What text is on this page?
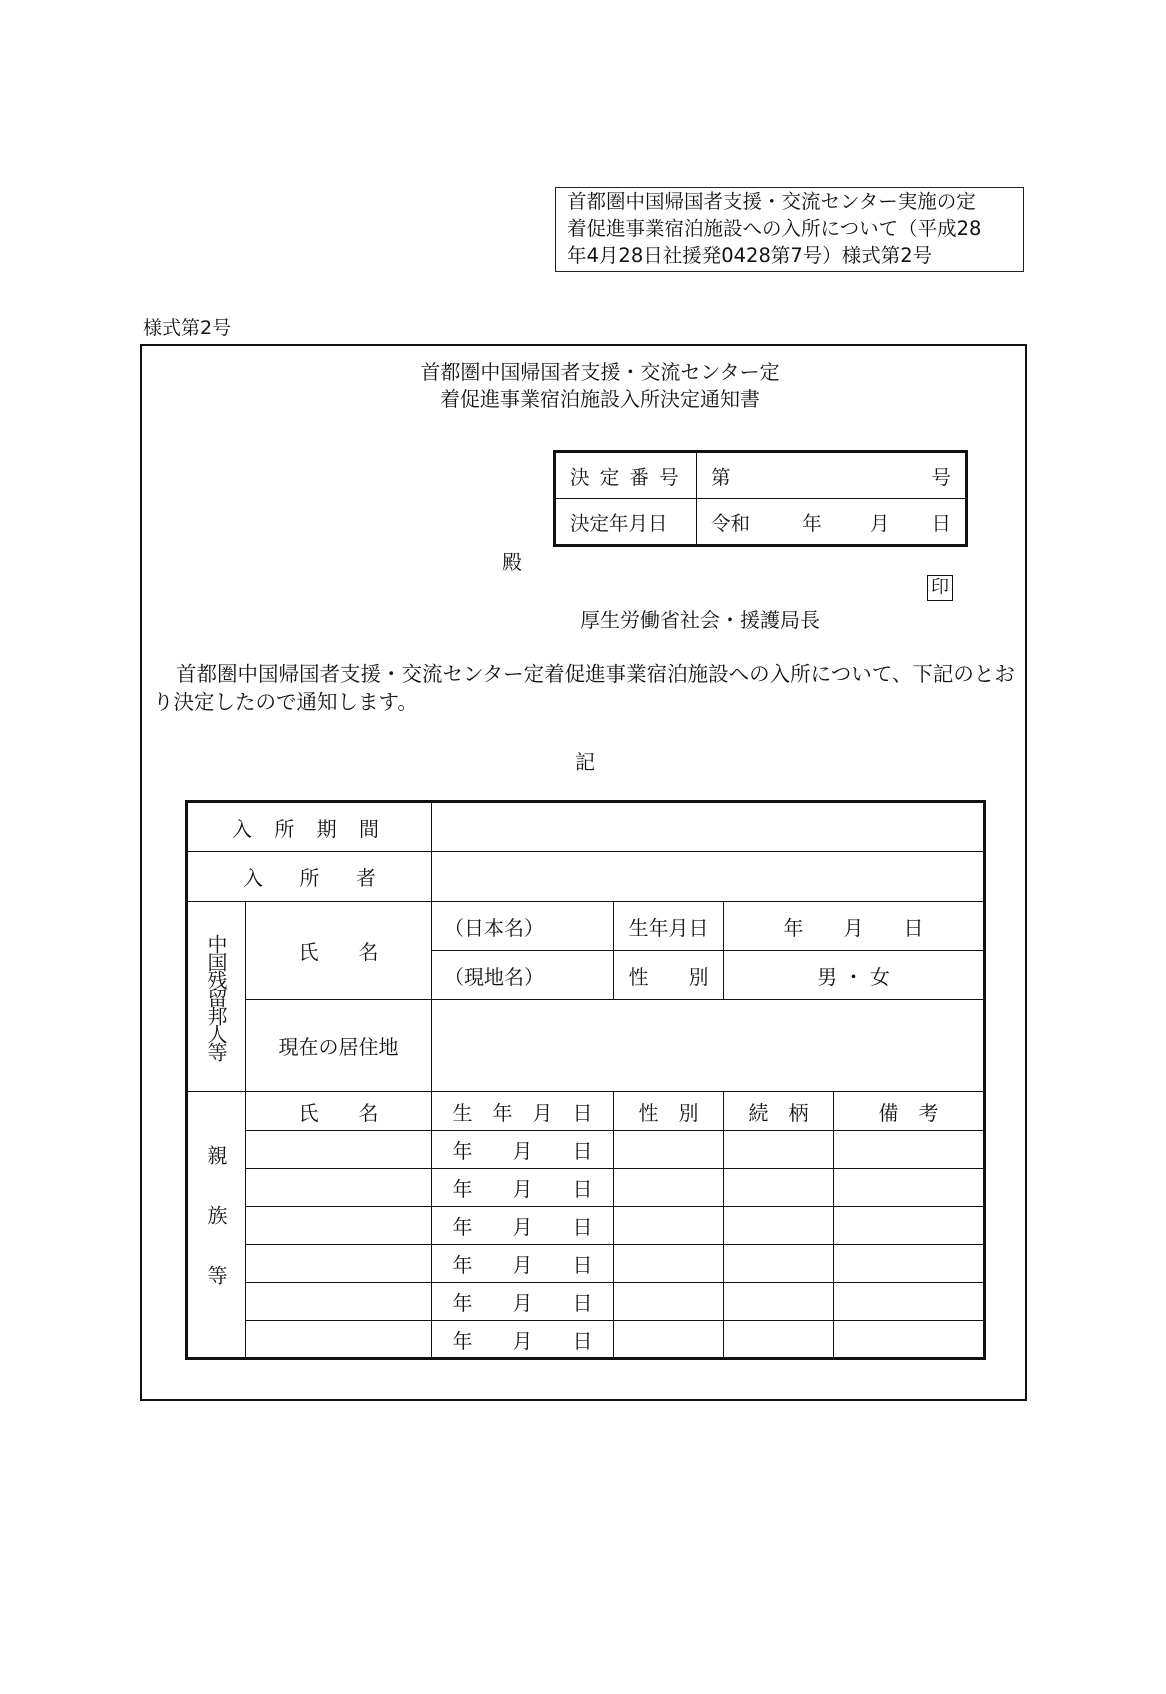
首都圏中国帰国者支援・交流センター実施の定
着促進事業宿泊施設への入所について（平成28
年4月28日社援発0428第7号）様式第2号
様式第2号
首都圏中国帰国者支援・交流センター定
着促進事業宿泊施設入所決定通知書
決 定 番 号	第 号

決定年月日	令和 年 月 日
殿
印
厚生労働省社会・援護局長
首都圏中国帰国者支援・交流センター定着促進事業宿泊施設への入所について、下記のとおり決定したので通知します。
記
入 所 期 間					
入 所 者					

中国残留邦人等	氏　　名	（日本名）	生年月日	年　　月　　日	
		（現地名）	性　　別	男 ・ 女	
	現在の居住地				

親族等	氏　　名	生　年　月　日	性　別	続　柄	備　考
		年　　月　　日			
		年　　月　　日			
		年　　月　　日			
		年　　月　　日			
		年　　月　　日			
		年　　月　　日			
